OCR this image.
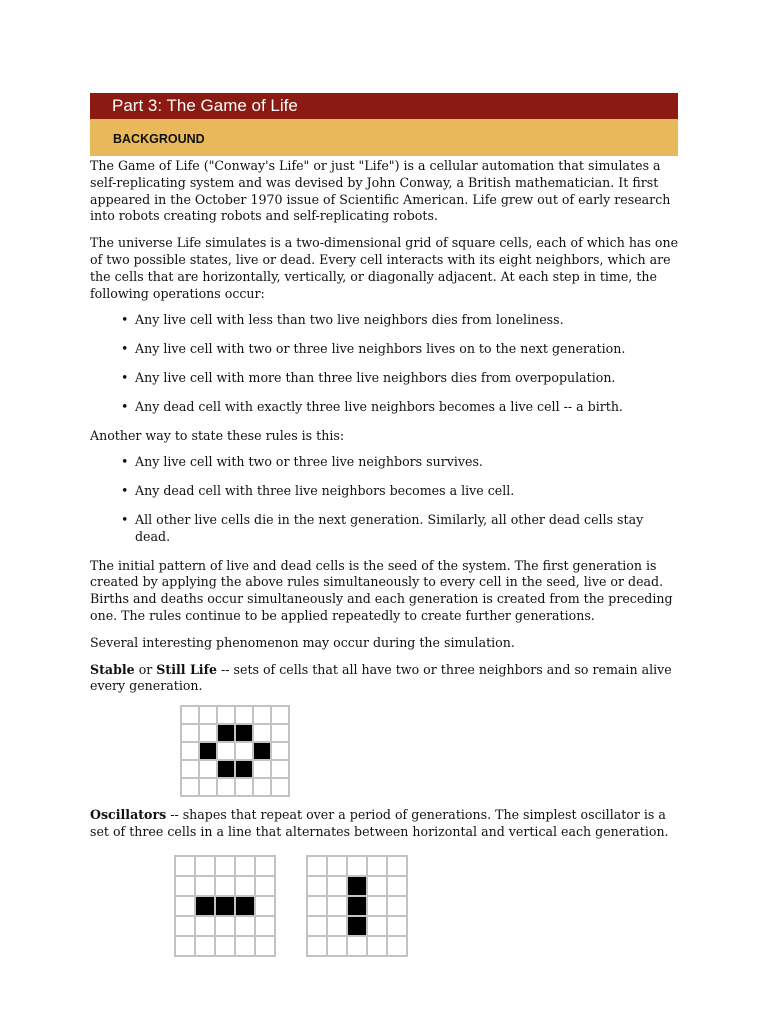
Part 3: The Game of Life
BACKGROUND

The Game of Life ("Conway's Life" or just "Life") is a cellular automation that simulates a self-replicating system and was devised by John Conway, a British mathematician. It first appeared in the October 1970 issue of Scientific American. Life grew out of early research into robots creating robots and self-replicating robots.

The universe Life simulates is a two-dimensional grid of square cells, each of which has one of two possible states, live or dead. Every cell interacts with its eight neighbors, which are the cells that are horizontally, vertically, or diagonally adjacent. At each step in time, the following operations occur:

• Any live cell with less than two live neighbors dies from loneliness.
• Any live cell with two or three live neighbors lives on to the next generation.
• Any live cell with more than three live neighbors dies from overpopulation.
• Any dead cell with exactly three live neighbors becomes a live cell -- a birth.

Another way to state these rules is this:

• Any live cell with two or three live neighbors survives.
• Any dead cell with three live neighbors becomes a live cell.
• All other live cells die in the next generation. Similarly, all other dead cells stay dead.

The initial pattern of live and dead cells is the seed of the system. The first generation is created by applying the above rules simultaneously to every cell in the seed, live or dead. Births and deaths occur simultaneously and each generation is created from the preceding one. The rules continue to be applied repeatedly to create further generations.

Several interesting phenomenon may occur during the simulation.

Stable or Still Life -- sets of cells that all have two or three neighbors and so remain alive every generation.

Oscillators -- shapes that repeat over a period of generations. The simplest oscillator is a set of three cells in a line that alternates between horizontal and vertical each generation.
